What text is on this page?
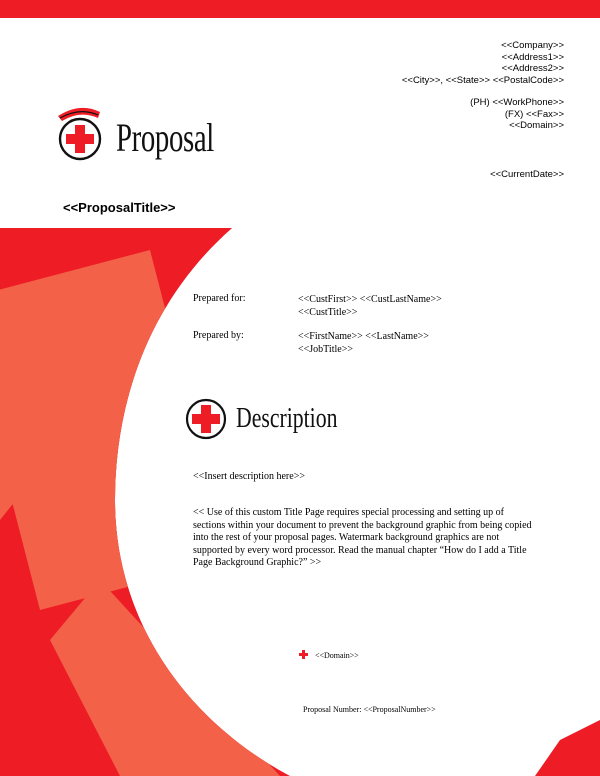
<<Company>>
<<Address1>>
<<Address2>>
<<City>>, <<State>> <<PostalCode>>
(PH) <<WorkPhone>>
(FX) <<Fax>>
<<Domain>>
<<CurrentDate>>
Proposal
<<ProposalTitle>>
Prepared for:	<<CustFirst>> <<CustLastName>>
<<CustTitle>>
Prepared by:	<<FirstName>> <<LastName>>
<<JobTitle>>
Description
<<Insert description here>>
<< Use of this custom Title Page requires special processing and setting up of sections within your document to prevent the background graphic from being copied into the rest of your proposal pages. Watermark background graphics are not supported by every word processor. Read the manual chapter “How do I add a Title Page Background Graphic?” >>
<<Domain>>
Proposal Number: <<ProposalNumber>>
